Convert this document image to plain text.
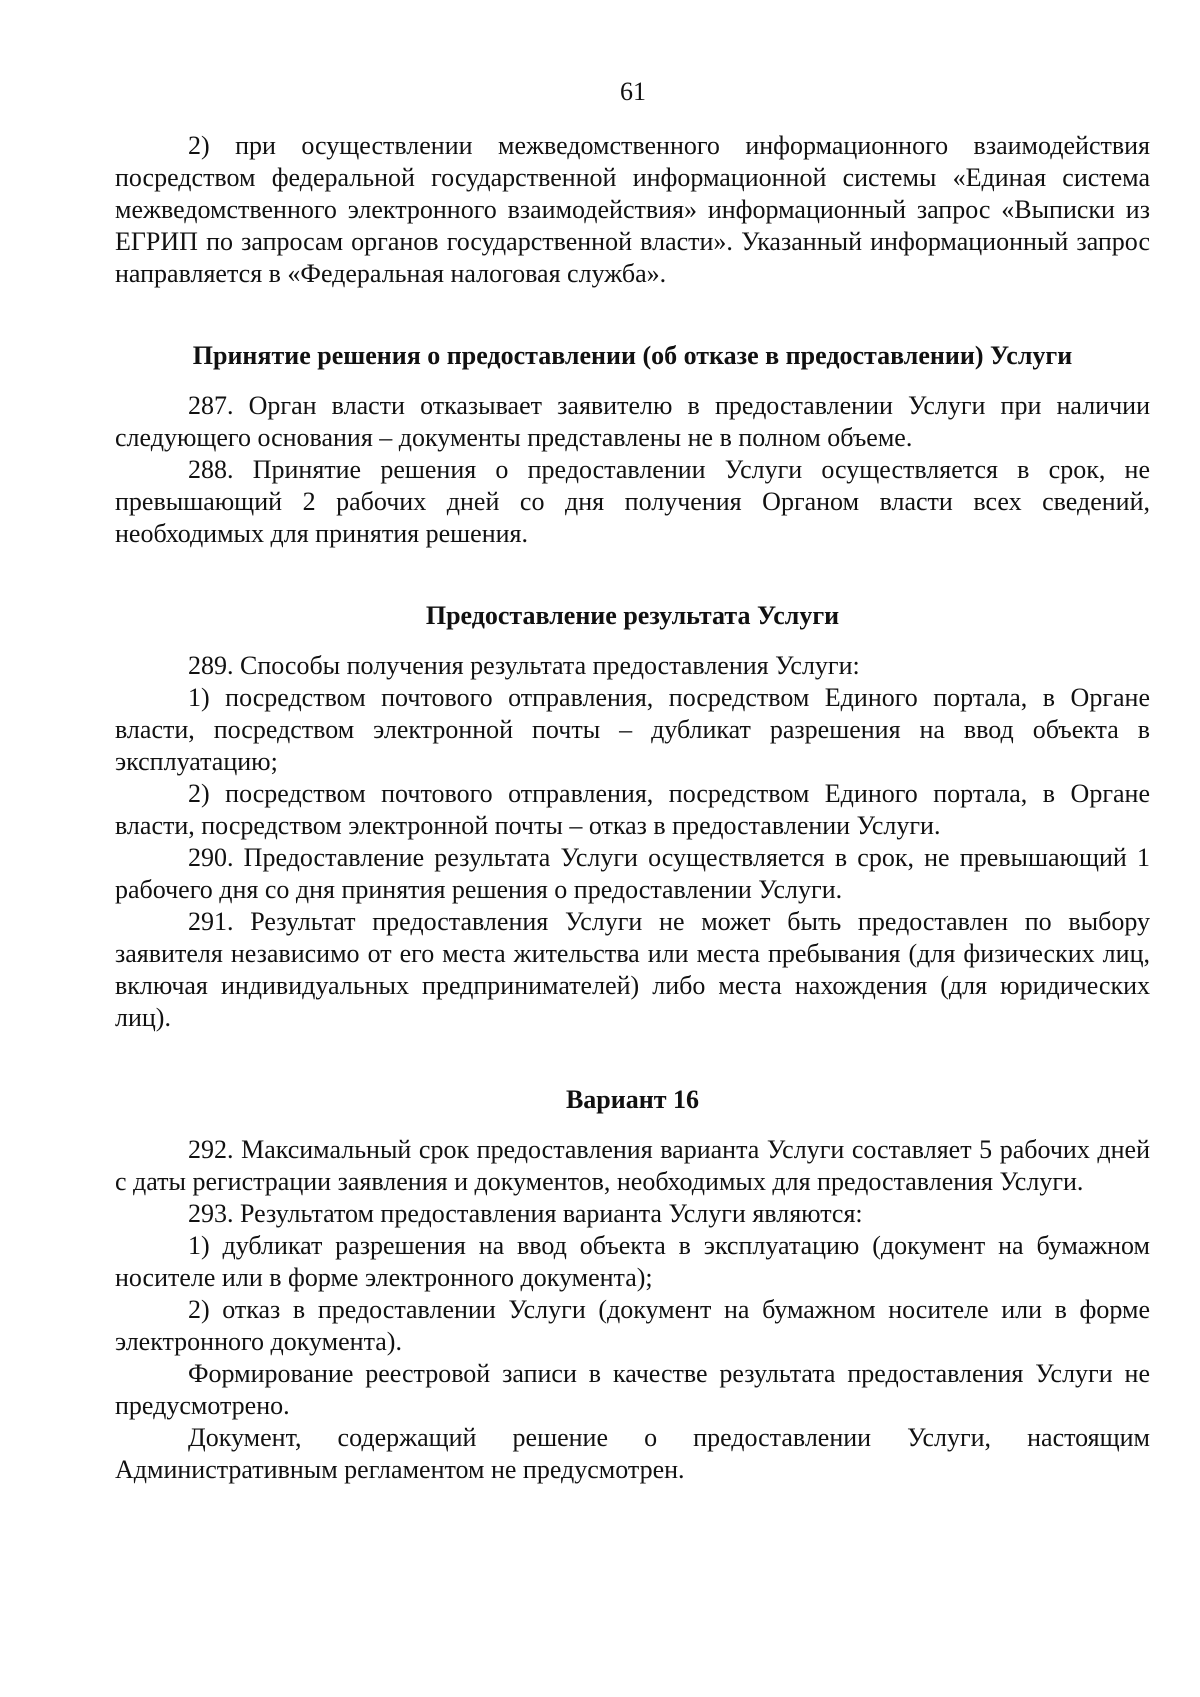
61

2) при осуществлении межведомственного информационного взаимодействия посредством федеральной государственной информационной системы «Единая система межведомственного электронного взаимодействия» информационный запрос «Выписки из ЕГРИП по запросам органов государственной власти». Указанный информационный запрос направляется в «Федеральная налоговая служба».

Принятие решения о предоставлении (об отказе в предоставлении) Услуги

287. Орган власти отказывает заявителю в предоставлении Услуги при наличии следующего основания – документы представлены не в полном объеме.

288. Принятие решения о предоставлении Услуги осуществляется в срок, не превышающий 2 рабочих дней со дня получения Органом власти всех сведений, необходимых для принятия решения.

Предоставление результата Услуги

289. Способы получения результата предоставления Услуги:

1) посредством почтового отправления, посредством Единого портала, в Органе власти, посредством электронной почты – дубликат разрешения на ввод объекта в эксплуатацию;

2) посредством почтового отправления, посредством Единого портала, в Органе власти, посредством электронной почты – отказ в предоставлении Услуги.

290. Предоставление результата Услуги осуществляется в срок, не превышающий 1 рабочего дня со дня принятия решения о предоставлении Услуги.

291. Результат предоставления Услуги не может быть предоставлен по выбору заявителя независимо от его места жительства или места пребывания (для физических лиц, включая индивидуальных предпринимателей) либо места нахождения (для юридических лиц).

Вариант 16

292. Максимальный срок предоставления варианта Услуги составляет 5 рабочих дней с даты регистрации заявления и документов, необходимых для предоставления Услуги.

293. Результатом предоставления варианта Услуги являются:

1) дубликат разрешения на ввод объекта в эксплуатацию (документ на бумажном носителе или в форме электронного документа);

2) отказ в предоставлении Услуги (документ на бумажном носителе или в форме электронного документа).

Формирование реестровой записи в качестве результата предоставления Услуги не предусмотрено.

Документ, содержащий решение о предоставлении Услуги, настоящим Административным регламентом не предусмотрен.
